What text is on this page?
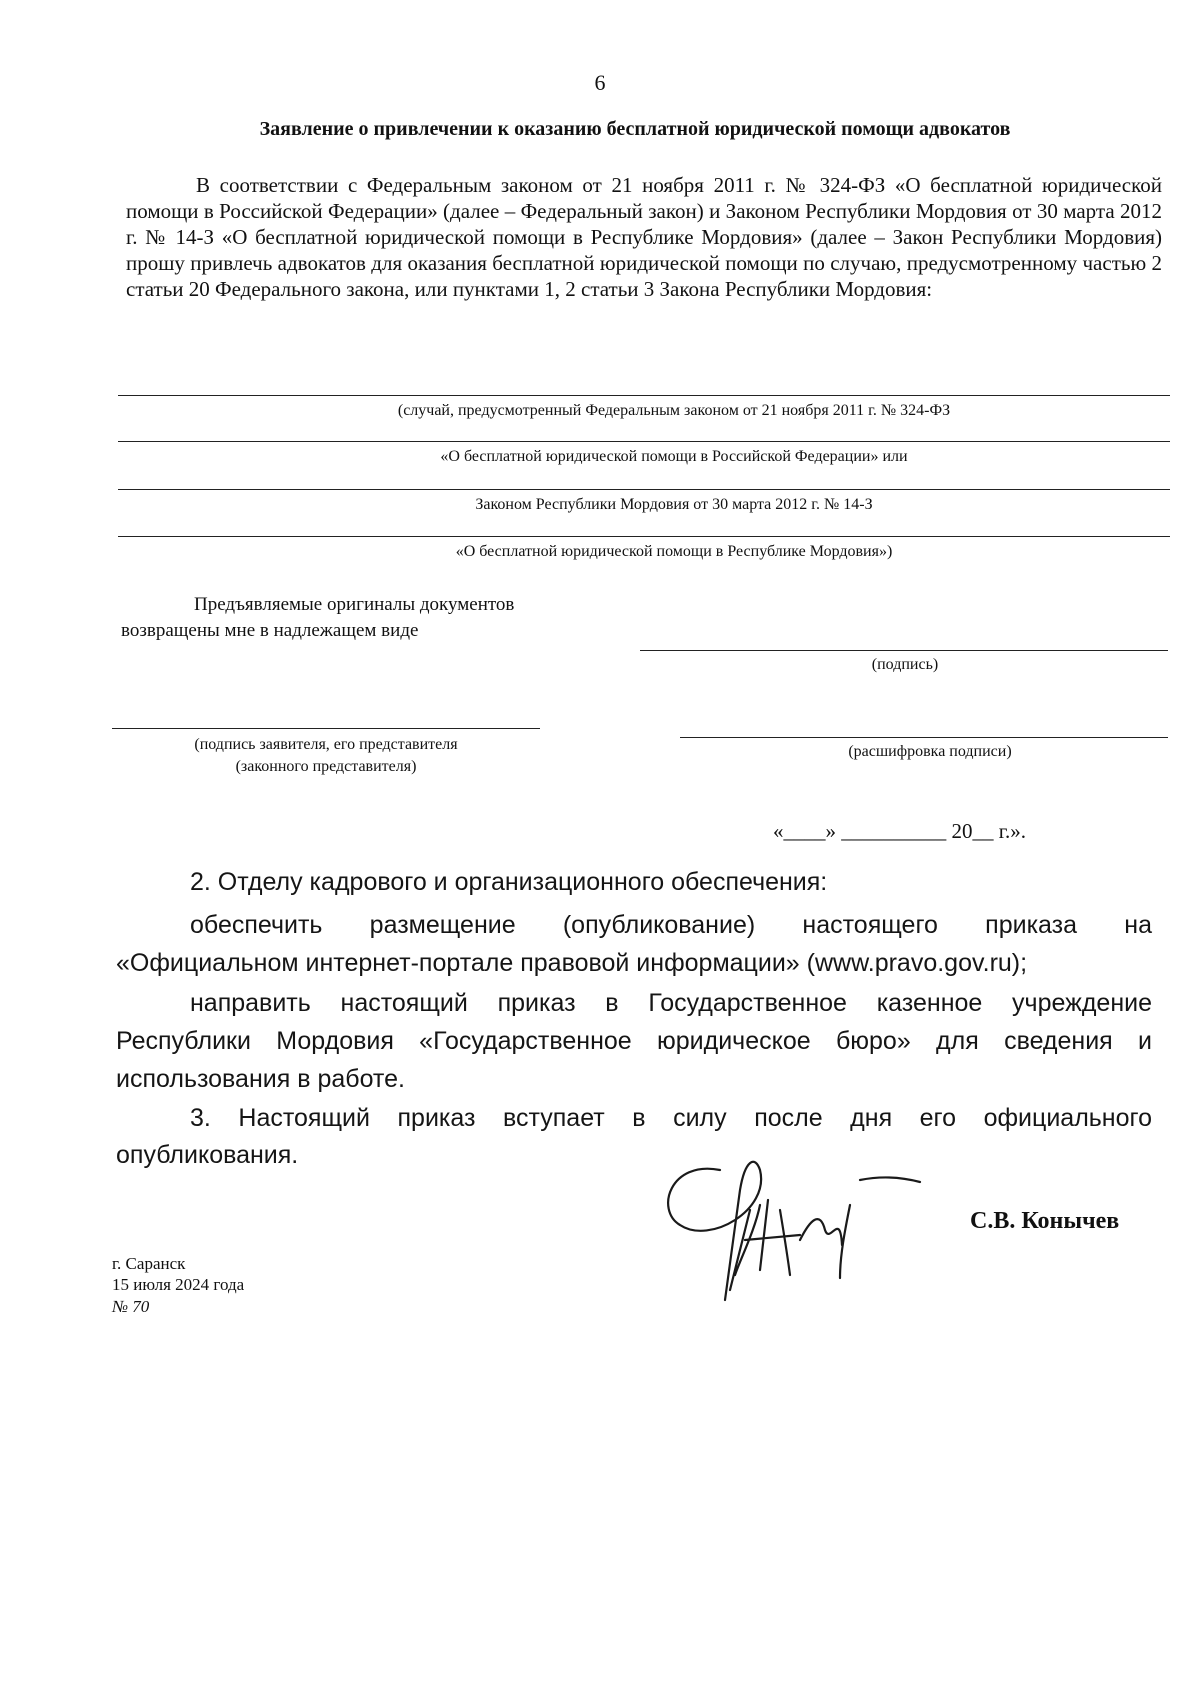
6
Заявление о привлечении к оказанию бесплатной юридической помощи адвокатов
В соответствии с Федеральным законом от 21 ноября 2011 г. № 324-ФЗ «О бесплатной юридической помощи в Российской Федерации» (далее – Федеральный закон) и Законом Республики Мордовия от 30 марта 2012 г. № 14-З «О бесплатной юридической помощи в Республике Мордовия» (далее – Закон Республики Мордовия) прошу привлечь адвокатов для оказания бесплатной юридической помощи по случаю, предусмотренному частью 2 статьи 20 Федерального закона, или пунктами 1, 2 статьи 3 Закона Республики Мордовия:
(случай, предусмотренный Федеральным законом от 21 ноября 2011 г. № 324-ФЗ
«О бесплатной юридической помощи в Российской Федерации» или
Законом Республики Мордовия от 30 марта 2012 г. № 14-З
«О бесплатной юридической помощи в Республике Мордовия»)
Предъявляемые оригиналы документов
возвращены мне в надлежащем виде
(подпись)
(подпись заявителя, его представителя
(законного представителя)
(расшифровка подписи)
«____» __________ 20__ г.».
2. Отделу кадрового и организационного обеспечения:
обеспечить размещение (опубликование) настоящего приказа на
«Официальном интернет-портале правовой информации» (www.pravo.gov.ru);
направить настоящий приказ в Государственное казенное учреждение
Республики Мордовия «Государственное юридическое бюро» для сведения и
использования в работе.
3. Настоящий приказ вступает в силу после дня его официального
опубликования.
С.В. Конычев
г. Саранск
15 июля 2024 года
№ 70
